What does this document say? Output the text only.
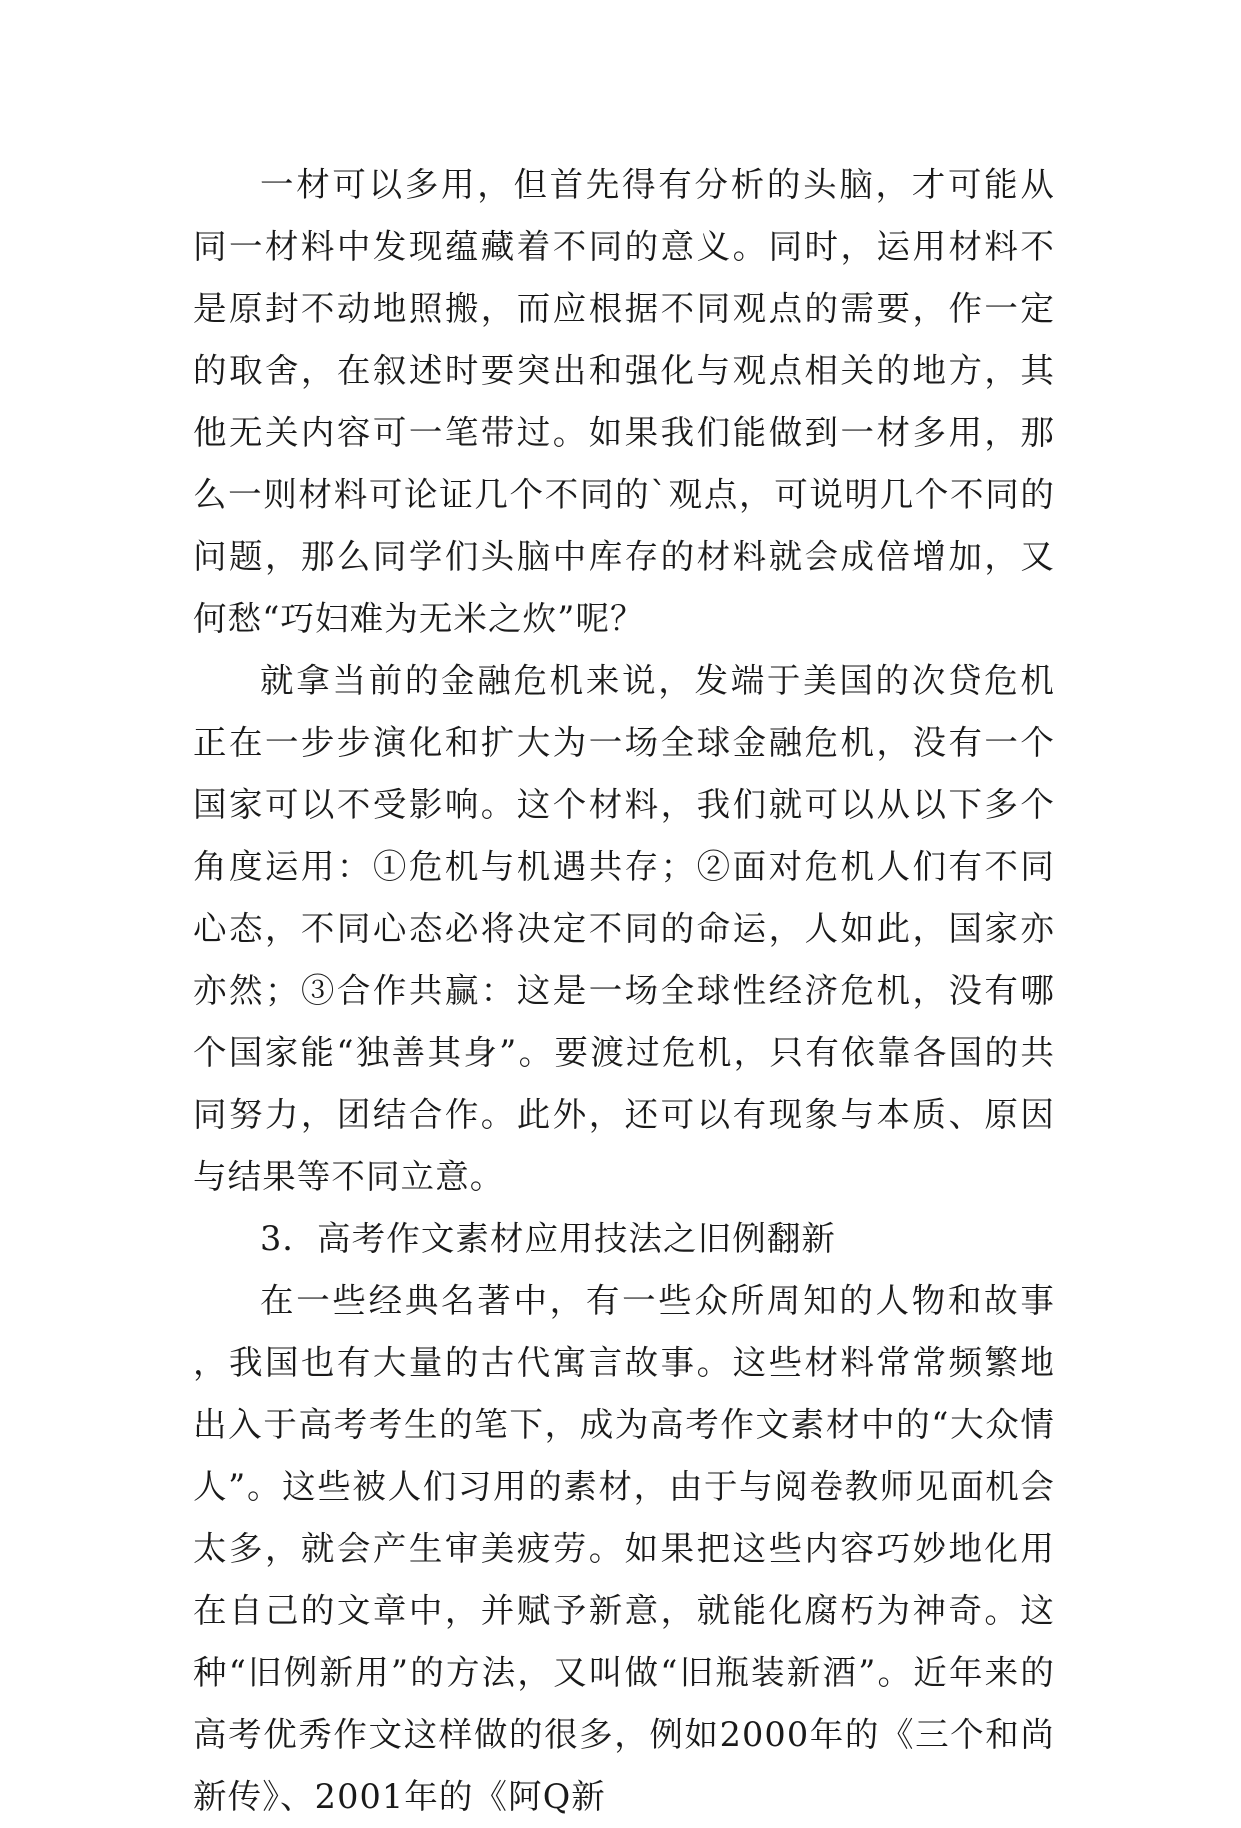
一材可以多用，但首先得有分析的头脑，才可能从同一材料中发现蕴藏着不同的意义。同时，运用材料不是原封不动地照搬，而应根据不同观点的需要，作一定的取舍，在叙述时要突出和强化与观点相关的地方，其他无关内容可一笔带过。如果我们能做到一材多用，那么一则材料可论证几个不同的`观点，可说明几个不同的问题，那么同学们头脑中库存的材料就会成倍增加，又何愁“巧妇难为无米之炊”呢？

就拿当前的金融危机来说，发端于美国的次贷危机正在一步步演化和扩大为一场全球金融危机，没有一个国家可以不受影响。这个材料，我们就可以从以下多个角度运用：①危机与机遇共存；②面对危机人们有不同心态，不同心态必将决定不同的命运，人如此，国家亦亦然；③合作共赢：这是一场全球性经济危机，没有哪个国家能“独善其身”。要渡过危机，只有依靠各国的共同努力，团结合作。此外，还可以有现象与本质、原因与结果等不同立意。

3．高考作文素材应用技法之旧例翻新

在一些经典名著中，有一些众所周知的人物和故事，我国也有大量的古代寓言故事。这些材料常常频繁地出入于高考考生的笔下，成为高考作文素材中的“大众情人”。这些被人们习用的素材，由于与阅卷教师见面机会太多，就会产生审美疲劳。如果把这些内容巧妙地化用在自己的文章中，并赋予新意，就能化腐朽为神奇。这种“旧例新用”的方法，又叫做“旧瓶装新酒”。近年来的高考优秀作文这样做的很多，例如2000年的《三个和尚新传》、2001年的《阿Q新
